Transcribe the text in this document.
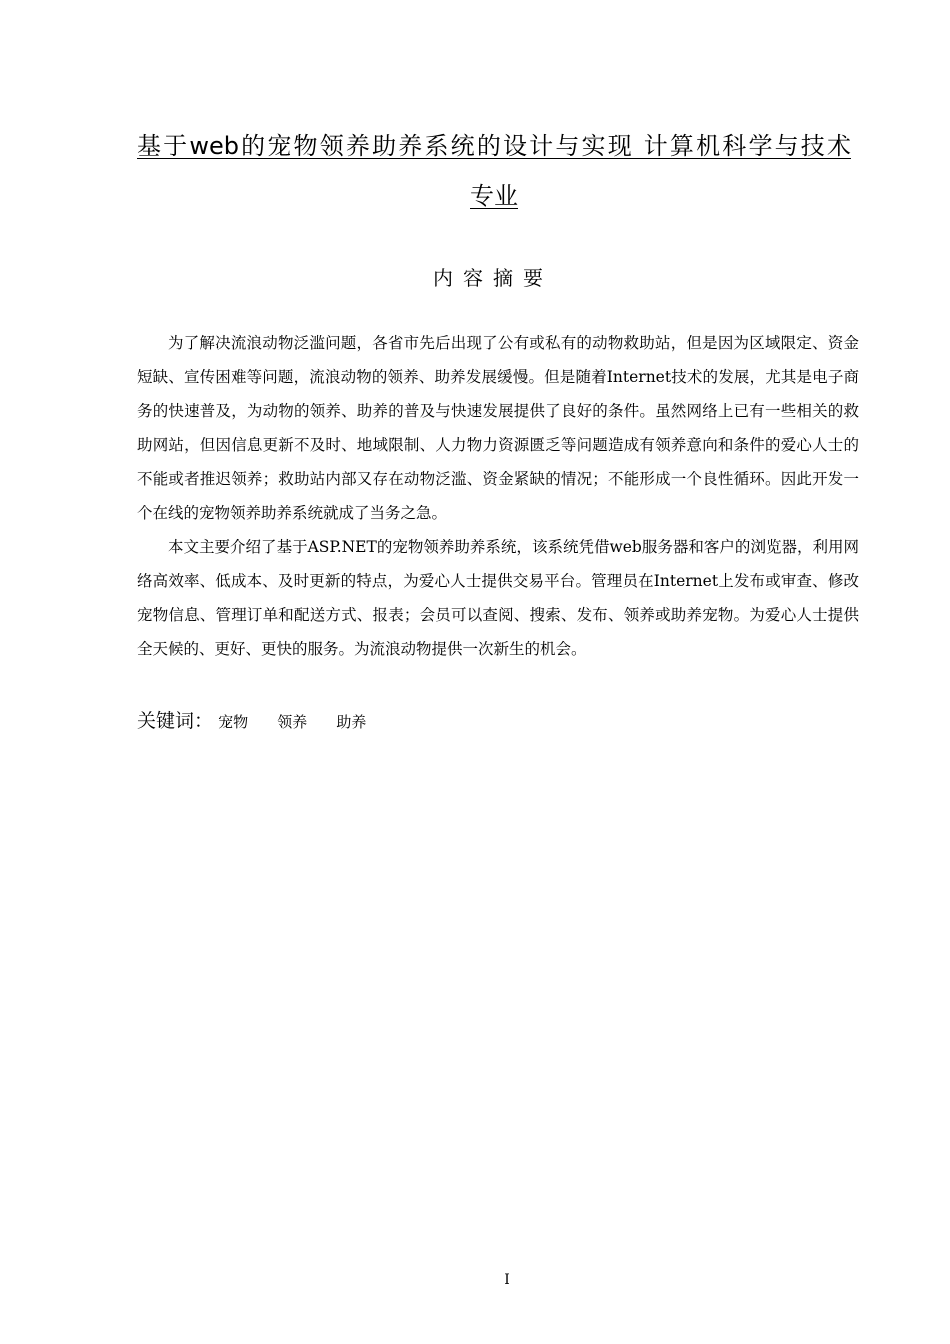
基于web的宠物领养助养系统的设计与实现 计算机科学与技术
专业
内容摘要

为了解决流浪动物泛滥问题，各省市先后出现了公有或私有的动物救助站，但是因为区域限定、资金短缺、宣传困难等问题，流浪动物的领养、助养发展缓慢。但是随着Internet技术的发展，尤其是电子商务的快速普及，为动物的领养、助养的普及与快速发展提供了良好的条件。虽然网络上已有一些相关的救助网站，但因信息更新不及时、地域限制、人力物力资源匮乏等问题造成有领养意向和条件的爱心人士的不能或者推迟领养；救助站内部又存在动物泛滥、资金紧缺的情况；不能形成一个良性循环。因此开发一个在线的宠物领养助养系统就成了当务之急。

本文主要介绍了基于ASP.NET的宠物领养助养系统，该系统凭借web服务器和客户的浏览器，利用网络高效率、低成本、及时更新的特点，为爱心人士提供交易平台。管理员在Internet上发布或审查、修改宠物信息、管理订单和配送方式、报表；会员可以查阅、搜索、发布、领养或助养宠物。为爱心人士提供全天候的、更好、更快的服务。为流浪动物提供一次新生的机会。

关键词： 宠物 领养 助养
I
